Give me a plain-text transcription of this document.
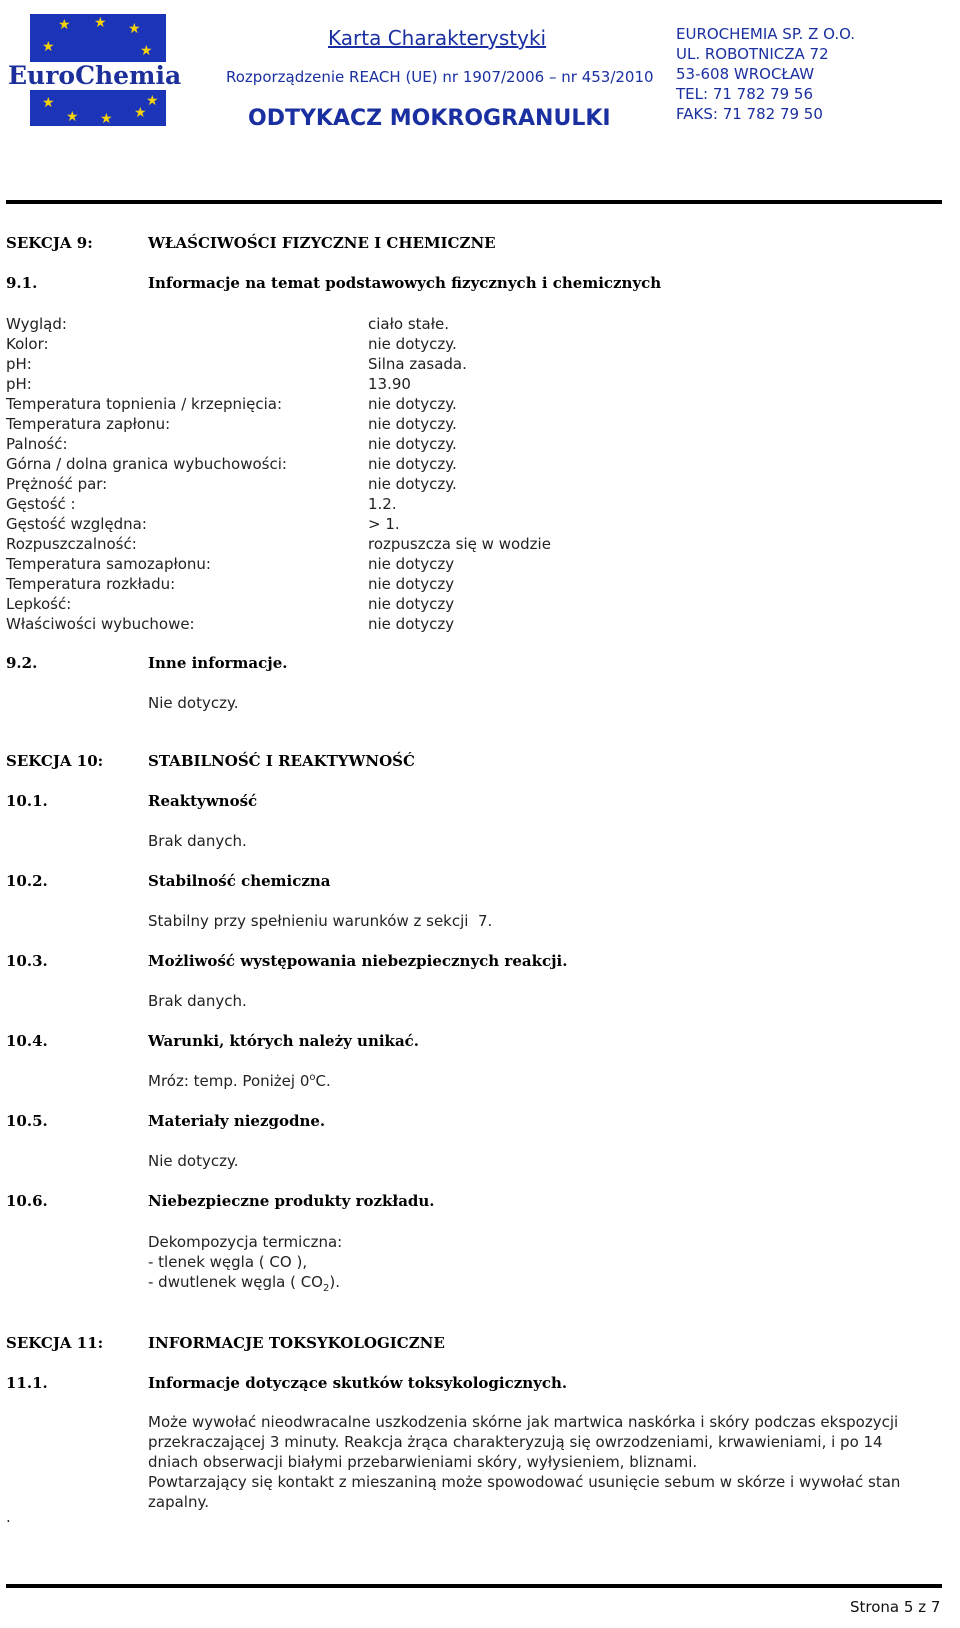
★ ★ ★
★	★
★
★ ★ ★
★
EuroChemia
Karta Charakterystyki
Rozporządzenie REACH (UE) nr 1907/2006 – nr 453/2010
ODTYKACZ MOKROGRANULKI
EUROCHEMIA SP. Z O.O.
UL. ROBOTNICZA 72
53-608 WROCŁAW
TEL: 71 782 79 56
FAKS: 71 782 79 50
SEKCJA 9:	WŁAŚCIWOŚCI FIZYCZNE I CHEMICZNE
9.1.	Informacje na temat podstawowych fizycznych i chemicznych
Wygląd:	ciało stałe.
Kolor:	nie dotyczy.
pH:	Silna zasada.
pH:	13.90
Temperatura topnienia / krzepnięcia:	nie dotyczy.
Temperatura zapłonu:	nie dotyczy.
Palność:	nie dotyczy.
Górna / dolna granica wybuchowości:	nie dotyczy.
Prężność par:	nie dotyczy.
Gęstość :	1.2.
Gęstość względna:	> 1.
Rozpuszczalność:	rozpuszcza się w wodzie
Temperatura samozapłonu:	nie dotyczy
Temperatura rozkładu:	nie dotyczy
Lepkość:	nie dotyczy
Właściwości wybuchowe:	nie dotyczy
9.2.	Inne informacje.
Nie dotyczy.
SEKCJA 10:	STABILNOŚĆ I REAKTYWNOŚĆ
10.1.	Reaktywność
Brak danych.
10.2.	Stabilność chemiczna
Stabilny przy spełnieniu warunków z sekcji  7.
10.3.	Możliwość występowania niebezpiecznych reakcji.
Brak danych.
10.4.	Warunki, których należy unikać.
Mróz: temp. Poniżej 0$^o$C.
10.5.	Materiały niezgodne.
Nie dotyczy.
10.6.	Niebezpieczne produkty rozkładu.
Dekompozycja termiczna:
- tlenek węgla ( CO ),
- dwutlenek węgla ( $CO_2$).
SEKCJA 11:	INFORMACJE TOKSYKOLOGICZNE
11.1.	Informacje dotyczące skutków toksykologicznych.
Może wywołać nieodwracalne uszkodzenia skórne jak martwica naskórka i skóry podczas ekspozycji przekraczającej 3 minuty. Reakcja żrąca charakteryzują się owrzodzeniami, krwawieniami, i po 14 dniach obserwacji białymi przebarwieniami skóry, wyłysieniem, bliznami.
Powtarzający się kontakt z mieszaniną może spowodować usunięcie sebum w skórze i wywołać stan zapalny.
.
Strona 5 z 7
